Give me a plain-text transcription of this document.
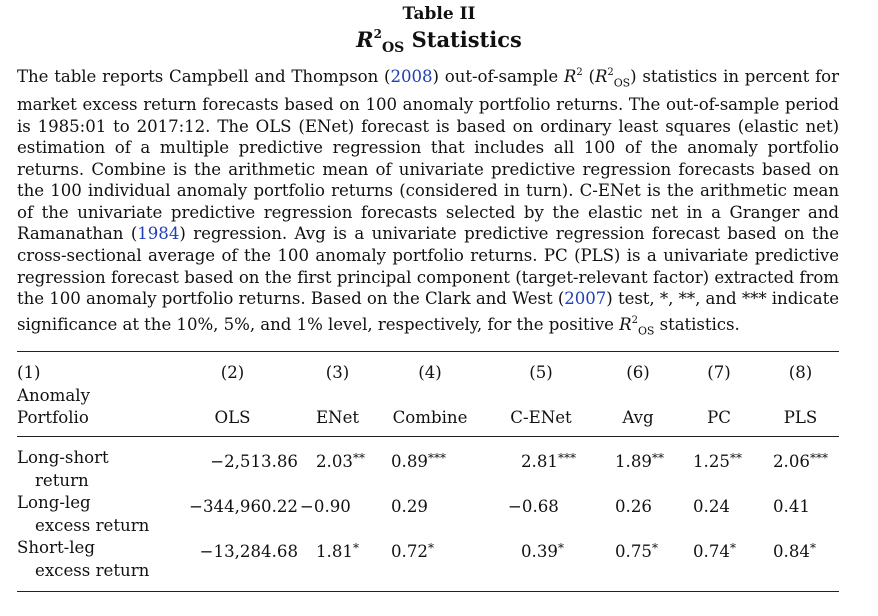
Table II
$R^2_{OS}$ Statistics
The table reports Campbell and Thompson (2008) out-of-sample $R^2$ $(R^2_{OS})$ statistics in percent for market excess return forecasts based on 100 anomaly portfolio returns. The out-of-sample period is 1985:01 to 2017:12. The OLS (ENet) forecast is based on ordinary least squares (elastic net) estimation of a multiple predictive regression that includes all 100 of the anomaly portfolio returns. Combine is the arithmetic mean of univariate predictive regression forecasts based on the 100 individual anomaly portfolio returns (considered in turn). C-ENet is the arithmetic mean of the univariate predictive regression forecasts selected by the elastic net in a Granger and Ramanathan (1984) regression. Avg is a univariate predictive regression forecast based on the cross-sectional average of the 100 anomaly portfolio returns. PC (PLS) is a univariate predictive regression forecast based on the first principal component (target-relevant factor) extracted from the 100 anomaly portfolio returns. Based on the Clark and West (2007) test, *, **, and *** indicate significance at the 10%, 5%, and 1% level, respectively, for the positive $R^2_{OS}$ statistics.
(1)	(2)	(3)	(4)	(5)	(6)	(7)	(8)
Anomaly							
Portfolio	OLS	ENet	Combine	C-ENet	Avg	PC	PLS

Long-short
return	−2,513.86	2.03**	0.89***	2.81***	1.89**	1.25**	2.06***

Long-leg
excess return	−344,960.22	−0.90	0.29	−0.68	0.26	0.24	0.41

Short-leg
excess return	−13,284.68	1.81*	0.72*	0.39*	0.75*	0.74*	0.84*
